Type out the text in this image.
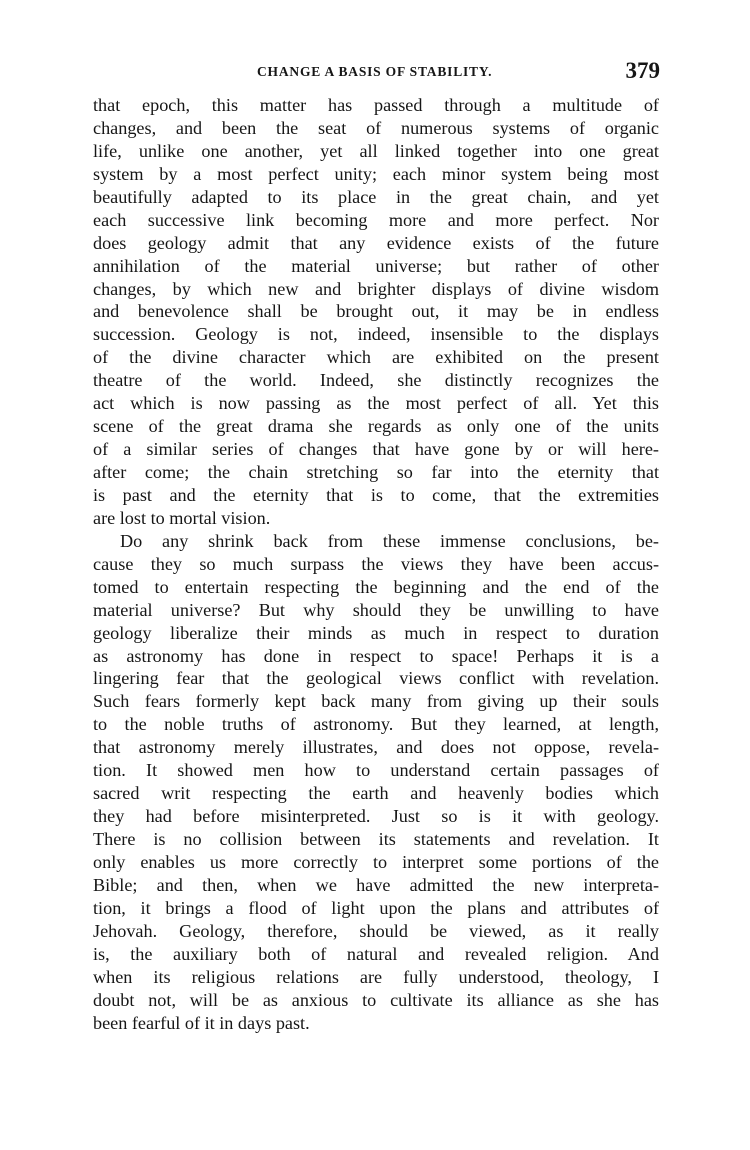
CHANGE A BASIS OF STABILITY.	379
that epoch, this matter has passed through a multitude of
changes, and been the seat of numerous systems of organic
life, unlike one another, yet all linked together into one great
system by a most perfect unity; each minor system being most
beautifully adapted to its place in the great chain, and yet
each successive link becoming more and more perfect. Nor
does geology admit that any evidence exists of the future
annihilation of the material universe; but rather of other
changes, by which new and brighter displays of divine wisdom
and benevolence shall be brought out, it may be in endless
succession. Geology is not, indeed, insensible to the displays
of the divine character which are exhibited on the present
theatre of the world. Indeed, she distinctly recognizes the
act which is now passing as the most perfect of all. Yet this
scene of the great drama she regards as only one of the units
of a similar series of changes that have gone by or will here-
after come; the chain stretching so far into the eternity that
is past and the eternity that is to come, that the extremities
are lost to mortal vision.
Do any shrink back from these immense conclusions, be-
cause they so much surpass the views they have been accus-
tomed to entertain respecting the beginning and the end of the
material universe? But why should they be unwilling to have
geology liberalize their minds as much in respect to duration
as astronomy has done in respect to space! Perhaps it is a
lingering fear that the geological views conflict with revelation.
Such fears formerly kept back many from giving up their souls
to the noble truths of astronomy. But they learned, at length,
that astronomy merely illustrates, and does not oppose, revela-
tion. It showed men how to understand certain passages of
sacred writ respecting the earth and heavenly bodies which
they had before misinterpreted. Just so is it with geology.
There is no collision between its statements and revelation. It
only enables us more correctly to interpret some portions of the
Bible; and then, when we have admitted the new interpreta-
tion, it brings a flood of light upon the plans and attributes of
Jehovah. Geology, therefore, should be viewed, as it really
is, the auxiliary both of natural and revealed religion. And
when its religious relations are fully understood, theology, I
doubt not, will be as anxious to cultivate its alliance as she has
been fearful of it in days past.
